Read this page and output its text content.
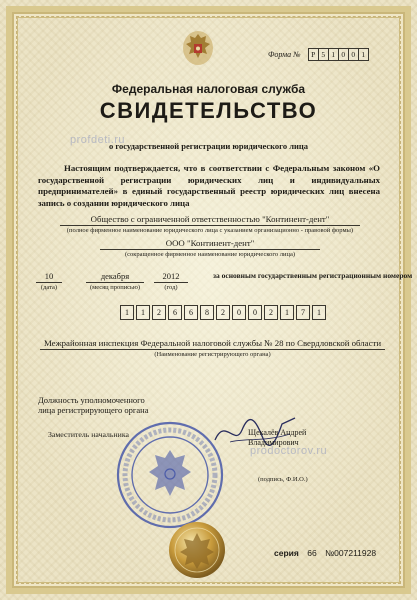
Форма №	Р 5 1 0 0 1
Федеральная налоговая служба
СВИДЕТЕЛЬСТВО
profdeti.ru
о государственной регистрации юридического лица
Настоящим подтверждается, что в соответствии с Федеральным законом «О государственной регистрации юридических лиц и индивидуальных предпринимателей» в единый государственный реестр юридических лиц внесена запись о создании юридического лица
Общество с ограниченной ответственностью "Континент-дент"
(полное фирменное наименование юридического лица с указанием организационно - правовой формы)
ООО "Континент-дент"
(сокращенное фирменное наименование юридического лица)
10
(дата)
декабря
(месяц прописью)
2012
(год)
за основным государственным регистрационным номером
1	1	2	6	6	8	2	0	0	2	1	7	1
Межрайонная инспекция Федеральной налоговой службы № 28 по Свердловской области
(Наименование регистрирующего органа)
Должность уполномоченного
лица регистрирующего органа
Заместитель начальника	Щекалёв Андрей
Владимирович
prodoctorov.ru
(подпись, Ф.И.О.)
серия 66 №007211928
